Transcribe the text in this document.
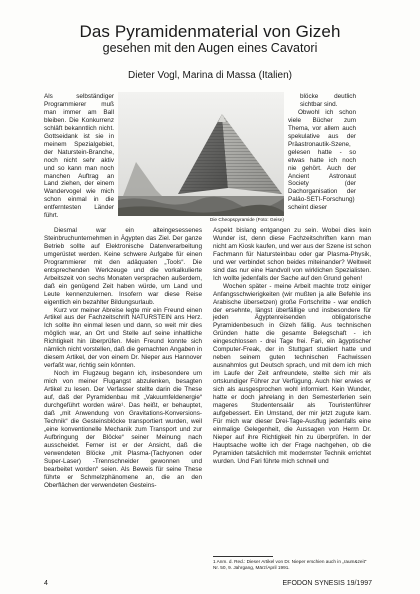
Das Pyramidenmaterial von Gizeh
gesehen mit den Augen eines Cavatori
Dieter Vogl, Marina di Massa (Italien)

Als selbständiger Programmierer muß man immer am Ball bleiben. Die Konkurrenz schläft bekanntlich nicht. Gottseidank ist sie in meinem Spezialgebiet, der Naturstein-Branche, noch nicht sehr aktiv und so kann man noch manchen Auftrag an Land ziehen, der einem Wandervogel wie mich schon einmal in die entferntesten Länder führt.

Die Cheopspyramide (Foto: Geise)

blöcke deutlich sichtbar sind.

Obwohl ich schon viele Bücher zum Thema, vor allem auch spekulative aus der Präastronautik-Szene, gelesen hatte - so etwas hatte ich noch nie gehört. Auch der Ancient Astronaut Society (der Dachorganisation der Paläo-SETI-Forschung) scheint dieser

Diesmal war ein alteingesessenes Steinbruchunternehmen in Ägypten das Ziel. Der ganze Betrieb sollte auf Elektronische Datenverarbeitung umgerüstet werden. Keine schwere Aufgabe für einen Programmierer mit den adäquaten „Tools“. Die entsprechenden Werkzeuge und die vorkalkulierte Arbeitszeit von sechs Monaten versprachen außerdem, daß ein genügend Zeit haben würde, um Land und Leute kennenzulernen. Insofern war diese Reise eigentlich ein bezahlter Bildungsurlaub.

Kurz vor meiner Abreise legte mir ein Freund einen Artikel aus der Fachzeitschrift NATURSTEIN ans Herz. Ich sollte ihn einmal lesen und dann, so weit mir dies möglich war, an Ort und Stelle auf seine inhaltliche Richtigkeit hin überprüfen. Mein Freund konnte sich nämlich nicht vorstellen, daß die gemachten Angaben in diesem Artikel, der von einem Dr. Nieper aus Hannover verfaßt war, richtig sein könnten.

Noch im Flugzeug begann ich, insbesondere um mich von meiner Flugangst abzulenken, besagten Artikel zu lesen. Der Verfasser stellte darin die These auf, daß der Pyramidenbau mit „Vakuumfeldenergie“ durchgeführt worden wäre¹. Das heißt, er behauptet, daß „mit Anwendung von Gravitations-Konversions-Technik“ die Gesteinsblöcke transportiert wurden, weil „eine konventionelle Mechanik zum Transport und zur Aufbringung der Blöcke“ seiner Meinung nach ausscheidet. Ferner ist er der Ansicht, daß die verwendeten Blöcke „mit Plasma-(Tachyonen oder Super-Laser) -Trennschneider gewonnen und bearbeitet worden“ seien. Als Beweis für seine These führte er Schmelzphänomene an, die an den Oberflächen der verwendeten Gesteins-

Aspekt bislang entgangen zu sein. Wobei dies kein Wunder ist, denn diese Fachzeitschriften kann man nicht am Kiosk kaufen, und wer aus der Szene ist schon Fachmann für Natursteinbau oder gar Plasma-Physik, und wer verbindet schon beides miteinander? Weltweit sind das nur eine Handvoll von wirklichen Spezialisten. Ich wollte jedenfalls der Sache auf den Grund gehen!

Wochen später - meine Arbeit machte trotz einiger Anfangsschwierigkeiten (wir mußten ja alle Befehle ins Arabische übersetzen) große Fortschritte - war endlich der ersehnte, längst überfällige und insbesondere für jeden Ägyptenreisenden obligatorische Pyramidenbesuch in Gizeh fällig. Aus technischen Gründen hatte die gesamte Belegschaft - ich eingeschlossen - drei Tage frei. Fari, ein ägyptischer Computer-Freak, der in Stuttgart studiert hatte und neben seinem guten technischen Fachwissen ausnahmlos gut Deutsch sprach, und mit dem ich mich im Laufe der Zeit anfreundete, stellte sich mir als ortskundiger Führer zur Verfügung. Auch hier erwies er sich als ausgesprochen wohl informiert. Kein Wunder, hatte er doch jahrelang in den Semesterferien sein mageres Studentensalär als Touristenführer aufgebessert. Ein Umstand, der mir jetzt zugute kam. Für mich war dieser Drei-Tage-Ausflug jedenfalls eine einmalige Gelegenheit, die Aussagen von Herrn Dr. Nieper auf ihre Richtigkeit hin zu überprüfen. In der Hauptsache wollte ich der Frage nachgehen, ob die Pyramiden tatsächlich mit modernster Technik errichtet wurden. Und Fari führte mich schnell und

1 Anm. d. Red.: Dieser Artikel von Dr. Nieper erschien auch in „raum&zeit“ Nr. 50, 9. Jahrgang, März/April 1991.
4	EFODON SYNESIS 19/1997
